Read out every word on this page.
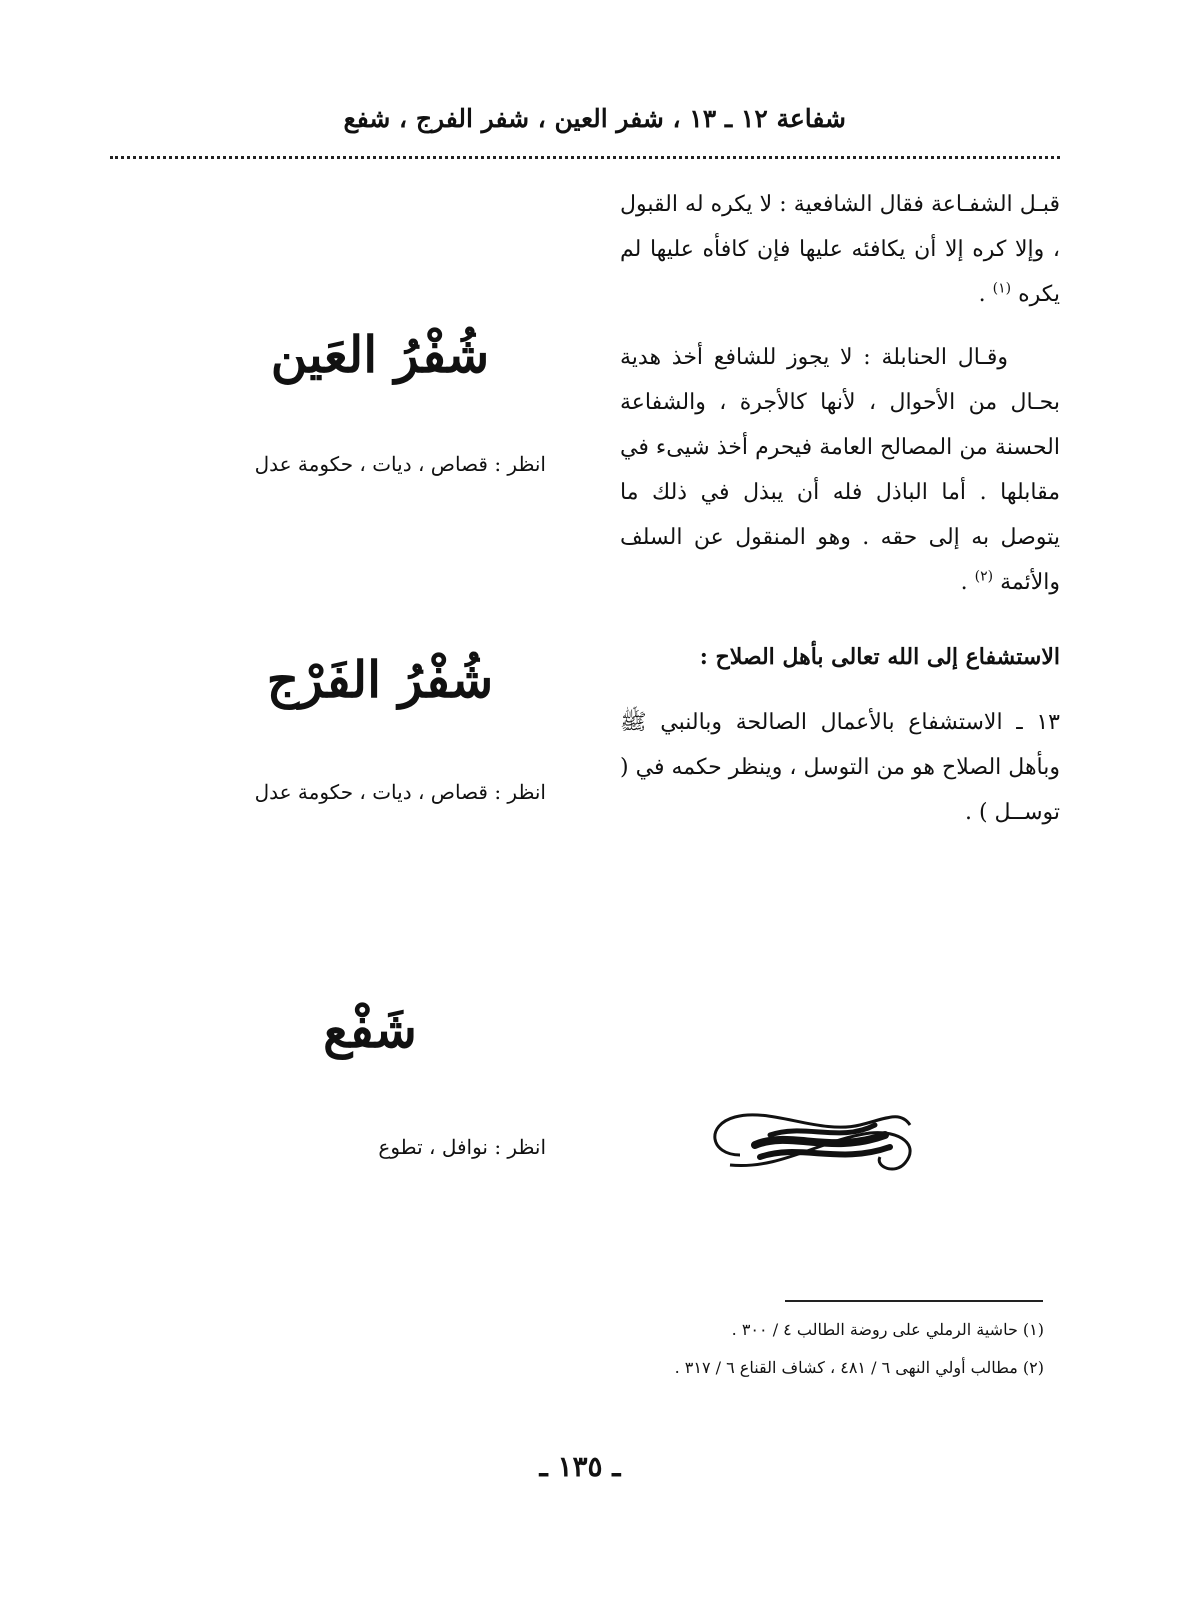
شفاعة ١٢ ـ ١٣ ، شفر العين ، شفر الفرج ، شفع

قبـل الشفـاعة فقال الشافعية : لا يكره له القبول ، وإلا كره إلا أن يكافئه عليها فإن كافأه عليها لم يكره $^{(١)}$ .

وقـال الحنابلة : لا يجوز للشافع أخذ هدية بحـال من الأحوال ، لأنها كالأجرة ، والشفاعة الحسنة من المصالح العامة فيحرم أخذ شيىء في مقابلها . أما الباذل فله أن يبذل في ذلك ما يتوصل به إلى حقه . وهو المنقول عن السلف والأئمة $^{(٢)}$ .

الاستشفاع إلى الله تعالى بأهل الصلاح :

١٣ ـ الاستشفاع بالأعمال الصالحة وبالنبي ﷺ وبأهل الصلاح هو من التوسل ، وينظر حكمه في ( توســل ) .

شُفْرُ العَين
انظر : قصاص ، ديات ، حكومة عدل
شُفْرُ الفَرْج
انظر : قصاص ، ديات ، حكومة عدل
شَفْع
انظر : نوافل ، تطوع

(١) حاشية الرملي على روضة الطالب ٤ / ٣٠٠ .

(٢) مطالب أولي النهى ٦ / ٤٨١ ، كشاف القناع ٦ / ٣١٧ .

ـ ١٣٥ ـ
